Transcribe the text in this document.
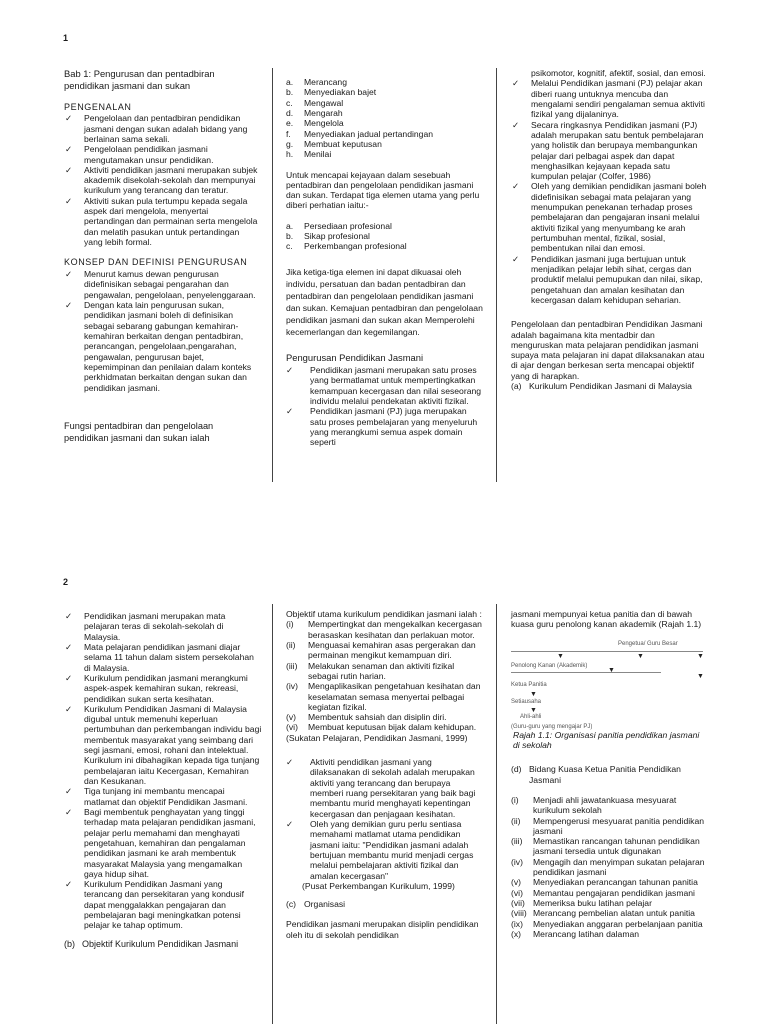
1
Bab 1: Pengurusan dan pentadbiran pendidikan jasmani dan sukan
PENGENALAN
✓ Pengelolaan dan pentadbiran pendidikan jasmani dengan sukan adalah bidang yang berlainan sama sekali.
✓ Pengelolaan pendidikan jasmani mengutamakan unsur pendidikan.
✓ Aktiviti pendidikan jasmani merupakan subjek akademik disekolah-sekolah dan mempunyai kurikulum yang terancang dan teratur.
✓ Aktiviti sukan pula tertumpu kepada segala aspek dari mengelola, menyertai pertandingan dan permainan serta mengelola dan melatih pasukan untuk pertandingan yang lebih formal.
KONSEP DAN DEFINISI PENGURUSAN
✓ Menurut kamus dewan pengurusan didefinisikan sebagai pengarahan dan pengawalan, pengelolaan, penyelenggaraan.
✓ Dengan kata lain pengurusan sukan, pendidikan jasmani boleh di definisikan sebagai sebarang gabungan kemahiran-kemahiran berkaitan dengan pentadbiran, perancangan, pengelolaan,pengarahan, pengawalan, pengurusan bajet, kepemimpinan dan penilaian dalam konteks perkhidmatan berkaitan dengan sukan dan pendidikan jasmani.

Fungsi pentadbiran dan pengelolaan pendidikan jasmani dan sukan ialah

a. Merancang
b. Menyediakan bajet
c. Mengawal
d. Mengarah
e. Mengelola
f. Menyediakan jadual pertandingan
g. Membuat keputusan
h. Menilai

Untuk mencapai kejayaan dalam sesebuah pentadbiran dan pengelolaan pendidikan jasmani dan sukan. Terdapat tiga elemen utama yang perlu diberi perhatian iaitu:-

a. Persediaan profesional
b. Sikap profesional
c. Perkembangan profesional

Jika ketiga-tiga elemen ini dapat dikuasai oleh individu, persatuan dan badan pentadbiran dan pentadbiran dan pengelolaan pendidikan jasmani dan sukan. Kemajuan pentadbiran dan pengelolaan pendidikan jasmani dan sukan akan Memperolehi kecemerlangan dan kegemilangan.

Pengurusan Pendidikan Jasmani
✓ Pendidikan jasmani merupakan satu proses yang bermatlamat untuk mempertingkatkan kemampuan kecergasan dan nilai seseorang individu melalui pendekatan aktiviti fizikal.
✓ Pendidikan jasmani (PJ) juga merupakan satu proses pembelajaran yang menyeluruh yang merangkumi semua aspek domain seperti

psikomotor, kognitif, afektif, sosial, dan emosi.

✓ Melalui Pendidikan jasmani (PJ) pelajar akan diberi ruang untuknya mencuba dan mengalami sendiri pengalaman semua aktiviti fizikal yang dijalaninya.
✓ Secara ringkasnya Pendidikan jasmani (PJ) adalah merupakan satu bentuk pembelajaran yang holistik dan berupaya membangunkan pelajar dari pelbagai aspek dan dapat menghasilkan kejayaan kepada satu kumpulan pelajar (Colfer, 1986)
✓ Oleh yang demikian pendidikan jasmani boleh didefinisikan sebagai mata pelajaran yang menumpukan penekanan terhadap proses pembelajaran dan pengajaran insani melalui aktiviti fizikal yang menyumbang ke arah pertumbuhan mental, fizikal, sosial, pembentukan nilai dan emosi.
✓ Pendidikan jasmani juga bertujuan untuk menjadikan pelajar lebih sihat, cergas dan produktif melalui pemupukan dan nilai, sikap, pengetahuan dan amalan kesihatan dan kecergasan dalam kehidupan seharian.

Pengelolaan dan pentadbiran Pendidikan Jasmani adalah bagaimana kita mentadbir dan menguruskan mata pelajaran pendidikan jasmani supaya mata pelajaran ini dapat dilaksanakan atau di ajar dengan berkesan serta mencapai objektif yang di harapkan.

(a) Kurikulum Pendidikan Jasmani di Malaysia
2
✓ Pendidikan jasmani merupakan mata pelajaran teras di sekolah-sekolah di Malaysia.
✓ Mata pelajaran pendidikan jasmani diajar selama 11 tahun dalam sistem persekolahan di Malaysia.
✓ Kurikulum pendidikan jasmani merangkumi aspek-aspek kemahiran sukan, rekreasi, pendidikan sukan serta kesihatan.
✓ Kurikulum Pendidikan Jasmani di Malaysia digubal untuk memenuhi keperluan pertumbuhan dan perkembangan individu bagi membentuk masyarakat yang seimbang dari segi jasmani, emosi, rohani dan intelektual. Kurikulum ini dibahagikan kepada tiga tunjang pembelajaran iaitu Kecergasan, Kemahiran dan Kesukanan.
✓ Tiga tunjang ini membantu mencapai matlamat dan objektif Pendidikan Jasmani.
✓ Bagi membentuk penghayatan yang tinggi terhadap mata pelajaran pendidikan jasmani, pelajar perlu memahami dan menghayati pengetahuan, kemahiran dan pengalaman pendidikan jasmani ke arah membentuk masyarakat Malaysia yang mengamalkan gaya hidup sihat.
✓ Kurikulum Pendidikan Jasmani yang terancang dan persekitaran yang kondusif dapat menggalakkan pengajaran dan pembelajaran bagi meningkatkan potensi pelajar ke tahap optimum.
(b) Objektif Kurikulum Pendidikan Jasmani

Objektif utama kurikulum pendidikan jasmani ialah :

(i) Mempertingkat dan mengekalkan kecergasan berasaskan kesihatan dan perlakuan motor.
(ii) Menguasai kemahiran asas pergerakan dan permainan mengikut kemampuan diri.
(iii) Melakukan senaman dan aktiviti fizikal sebagai rutin harian.
(iv) Mengaplikasikan pengetahuan kesihatan dan keselamatan semasa menyertai pelbagai kegiatan fizikal.
(v) Membentuk sahsiah dan disiplin diri.
(vi) Membuat keputusan bijak dalam kehidupan.

(Sukatan Pelajaran, Pendidikan Jasmani, 1999)

✓ Aktiviti pendidikan jasmani yang dilaksanakan di sekolah adalah merupakan aktiviti yang terancang dan berupaya memberi ruang persekitaran yang baik bagi membantu murid menghayati kepentingan kecergasan dan penjagaan kesihatan.
✓ Oleh yang demikian guru perlu sentiasa memahami matlamat utama pendidikan jasmani iaitu: "Pendidikan jasmani adalah bertujuan membantu murid menjadi cergas melalui pembelajaran aktiviti fizikal dan amalan kecergasan"

(Pusat Perkembangan Kurikulum, 1999)

(c) Organisasi

Pendidikan jasmani merupakan disiplin pendidikan oleh itu di sekolah pendidikan

jasmani mempunyai ketua panitia dan di bawah kuasa guru penolong kanan akademik (Rajah 1.1)

Pengetua/ Guru Besar
▼	▼	▼
Penolong Kanan (Akademik)
▼
▼
Ketua Panitia
▼
Setiausaha
▼
Ahli-ahli
(Guru-guru yang mengajar PJ)

Rajah 1.1: Organisasi panitia pendidikan jasmani di sekolah

(d) Bidang Kuasa Ketua Panitia Pendidikan Jasmani
(i) Menjadi ahli jawatankuasa mesyuarat kurikulum sekolah
(ii) Mempengerusi mesyuarat panitia pendidikan jasmani
(iii) Memastikan rancangan tahunan pendidikan jasmani tersedia untuk digunakan
(iv) Mengagih dan menyimpan sukatan pelajaran pendidikan jasmani
(v) Menyediakan perancangan tahunan panitia
(vi) Memantau pengajaran pendidikan jasmani
(vii) Memeriksa buku latihan pelajar
(viii) Merancang pembelian alatan untuk panitia
(ix) Menyediakan anggaran perbelanjaan panitia
(x) Merancang latihan dalaman
